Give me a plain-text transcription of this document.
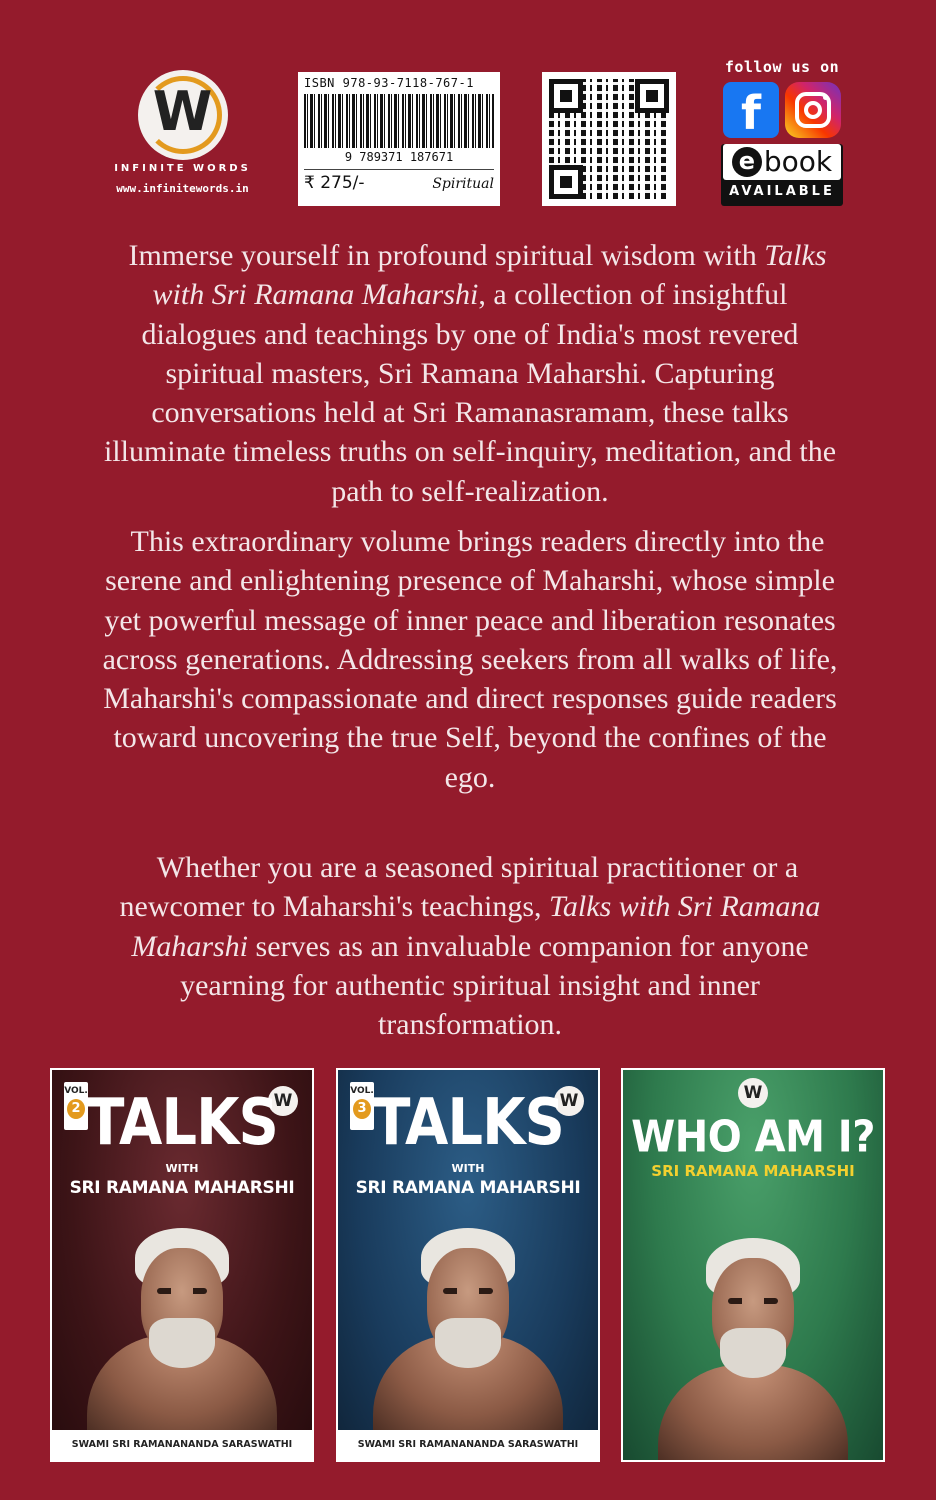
W
INFINITE WORDS
www.infinitewords.in
ISBN 978-93-7118-767-1
9 789371 187671
₹ 275/-	Spiritual
follow us on
f
e book
AVAILABLE

Immerse yourself in profound spiritual wisdom with Talks with Sri Ramana Maharshi, a collection of insightful dialogues and teachings by one of India's most revered spiritual masters, Sri Ramana Maharshi. Capturing conversations held at Sri Ramanasramam, these talks illuminate timeless truths on self-inquiry, meditation, and the path to self-realization.

This extraordinary volume brings readers directly into the serene and enlightening presence of Maharshi, whose simple yet powerful message of inner peace and liberation resonates across generations. Addressing seekers from all walks of life, Maharshi's compassionate and direct responses guide readers toward uncovering the true Self, beyond the confines of the ego.

Whether you are a seasoned spiritual practitioner or a newcomer to Maharshi's teachings, Talks with Sri Ramana Maharshi serves as an invaluable companion for anyone yearning for authentic spiritual insight and inner transformation.

VOL.
2	W
TALKS
WITH
SRI RAMANA MAHARSHI
SWAMI SRI RAMANANANDA SARASWATHI
VOL.
3	W
TALKS
WITH
SRI RAMANA MAHARSHI
SWAMI SRI RAMANANANDA SARASWATHI
W
WHO AM I?
SRI RAMANA MAHARSHI
